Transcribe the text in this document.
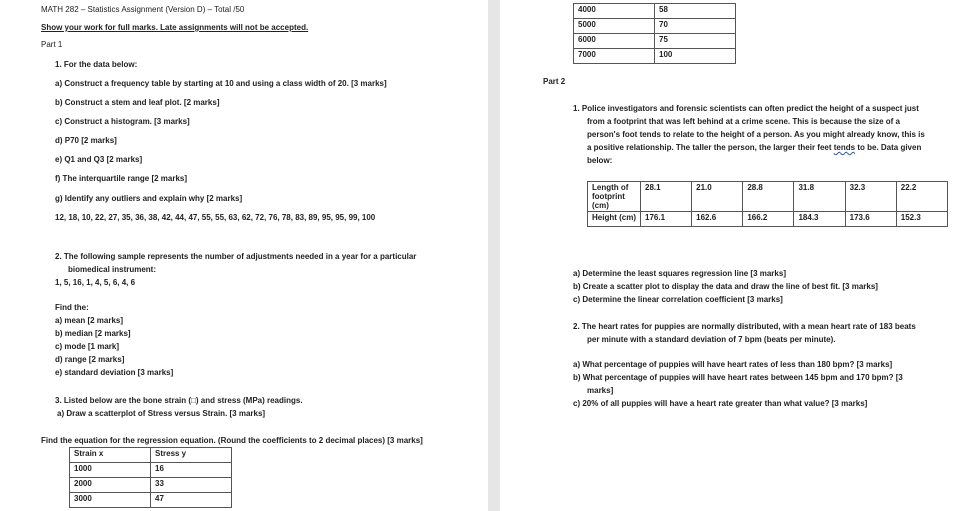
MATH 282 – Statistics Assignment (Version D) – Total /50
Show your work for full marks. Late assignments will not be accepted.
Part 1
1. For the data below:
a) Construct a frequency table by starting at 10 and using a class width of 20. [3 marks]
b) Construct a stem and leaf plot. [2 marks]
c) Construct a histogram. [3 marks]
d) P70 [2 marks]
e) Q1 and Q3 [2 marks]
f) The interquartile range [2 marks]
g) Identify any outliers and explain why [2 marks]
12, 18, 10, 22, 27, 35, 36, 38, 42, 44, 47, 55, 55, 63, 62, 72, 76, 78, 83, 89, 95, 95, 99, 100
2. The following sample represents the number of adjustments needed in a year for a particular
biomedical instrument:
1, 5, 16, 1, 4, 5, 6, 4, 6
Find the:
a) mean [2 marks]
b) median [2 marks]
c) mode [1 mark]
d) range [2 marks]
e) standard deviation [3 marks]
3. Listed below are the bone strain (□) and stress (MPa) readings.
a) Draw a scatterplot of Stress versus Strain. [3 marks]
Find the equation for the regression equation. (Round the coefficients to 2 decimal places) [3 marks]
Strain x	Stress y
1000	16
2000	33
3000	47
4000	58
5000	70
6000	75
7000	100
Part 2
1. Police investigators and forensic scientists can often predict the height of a suspect just
from a footprint that was left behind at a crime scene. This is because the size of a
person's foot tends to relate to the height of a person. As you might already know, this is
a positive relationship. The taller the person, the larger their feet tends to be. Data given
below:
Length of footprint (cm)	28.1	21.0	28.8	31.8	32.3	22.2
Height (cm)	176.1	162.6	166.2	184.3	173.6	152.3
a) Determine the least squares regression line [3 marks]
b) Create a scatter plot to display the data and draw the line of best fit. [3 marks]
c) Determine the linear correlation coefficient [3 marks]
2. The heart rates for puppies are normally distributed, with a mean heart rate of 183 beats
per minute with a standard deviation of 7 bpm (beats per minute).
a) What percentage of puppies will have heart rates of less than 180 bpm? [3 marks]
b) What percentage of puppies will have heart rates between 145 bpm and 170 bpm? [3
marks]
c) 20% of all puppies will have a heart rate greater than what value? [3 marks]
